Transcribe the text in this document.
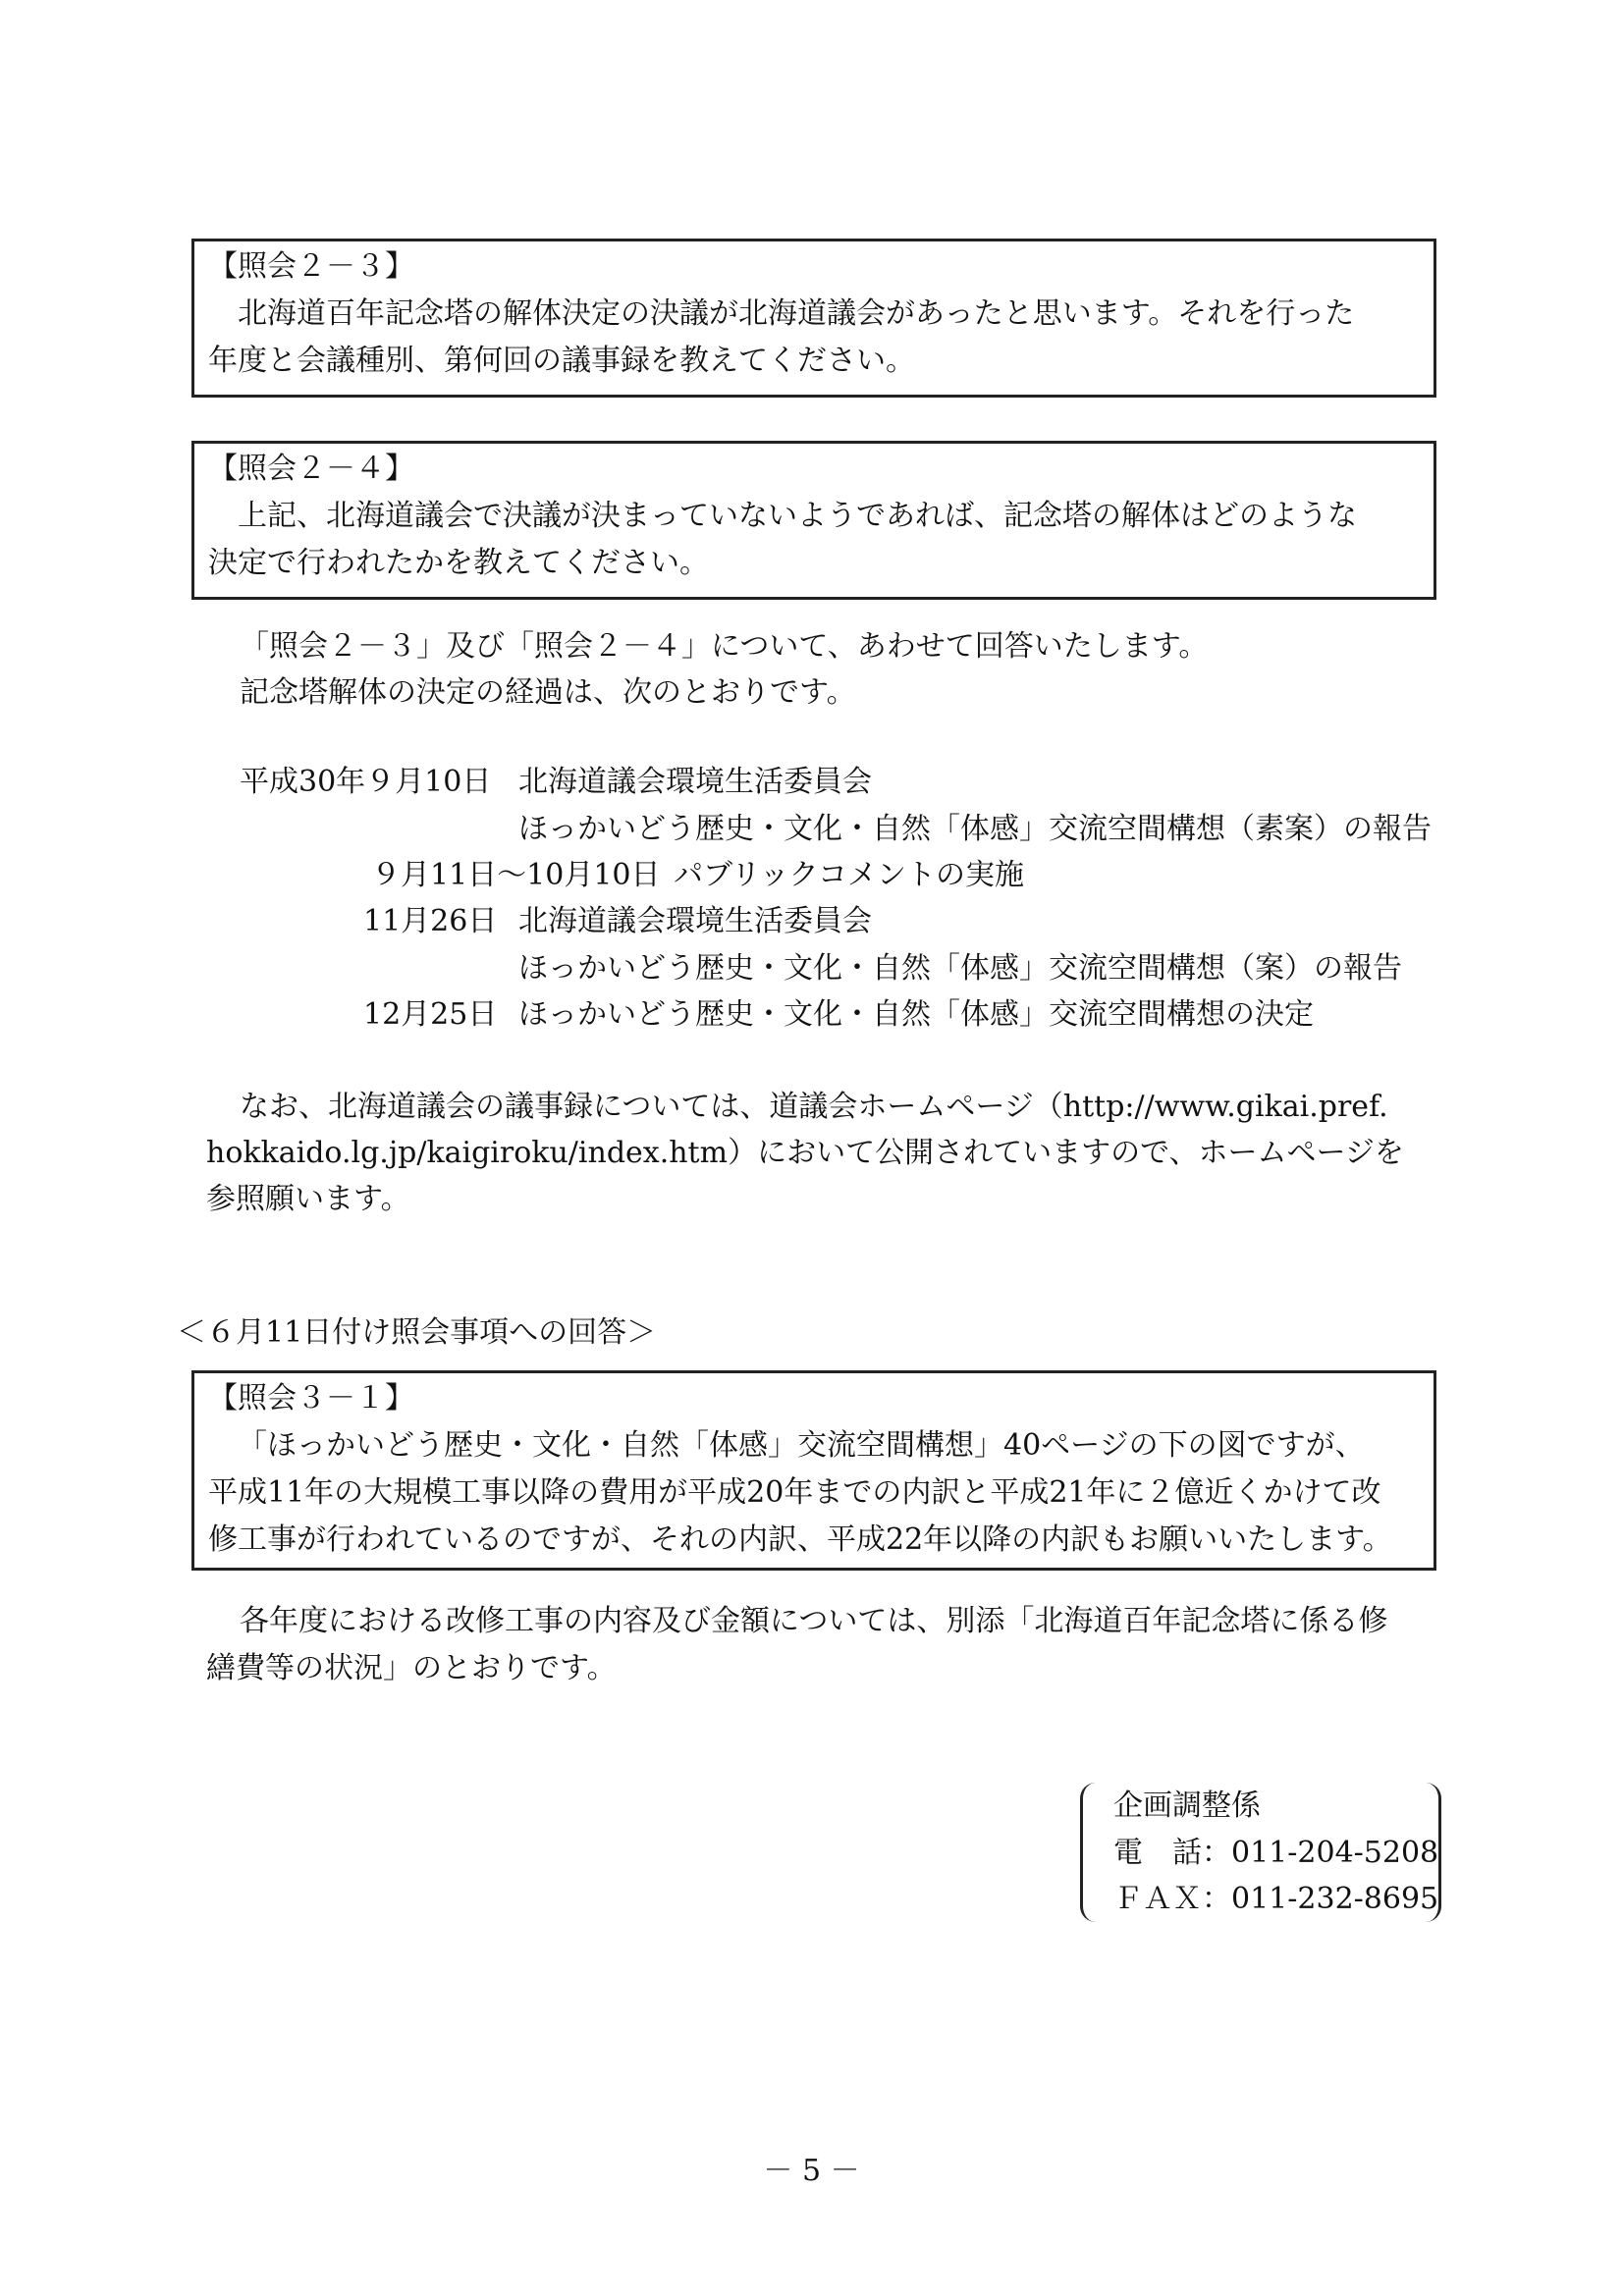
【照会２－３】
北海道百年記念塔の解体決定の決議が北海道議会があったと思います。それを行った
年度と会議種別、第何回の議事録を教えてください。
【照会２－４】
上記、北海道議会で決議が決まっていないようであれば、記念塔の解体はどのような
決定で行われたかを教えてください。
「照会２－３」及び「照会２－４」について、あわせて回答いたします。
記念塔解体の決定の経過は、次のとおりです。
平成30年９月10日 北海道議会環境生活委員会
ほっかいどう歴史・文化・自然「体感」交流空間構想（素案）の報告
９月11日～10月10日 パブリックコメントの実施
11月26日 北海道議会環境生活委員会
ほっかいどう歴史・文化・自然「体感」交流空間構想（案）の報告
12月25日 ほっかいどう歴史・文化・自然「体感」交流空間構想の決定
なお、北海道議会の議事録については、道議会ホームページ（http://www.gikai.pref.
hokkaido.lg.jp/kaigiroku/index.htm）において公開されていますので、ホームページを
参照願います。
＜６月11日付け照会事項への回答＞
【照会３－１】
「ほっかいどう歴史・文化・自然「体感」交流空間構想」40ページの下の図ですが、
平成11年の大規模工事以降の費用が平成20年までの内訳と平成21年に２億近くかけて改
修工事が行われているのですが、それの内訳、平成22年以降の内訳もお願いいたします。
各年度における改修工事の内容及び金額については、別添「北海道百年記念塔に係る修
繕費等の状況」のとおりです。
企画調整係
電　話：011-204-5208
ＦＡＸ：011-232-8695
－ 5 －
